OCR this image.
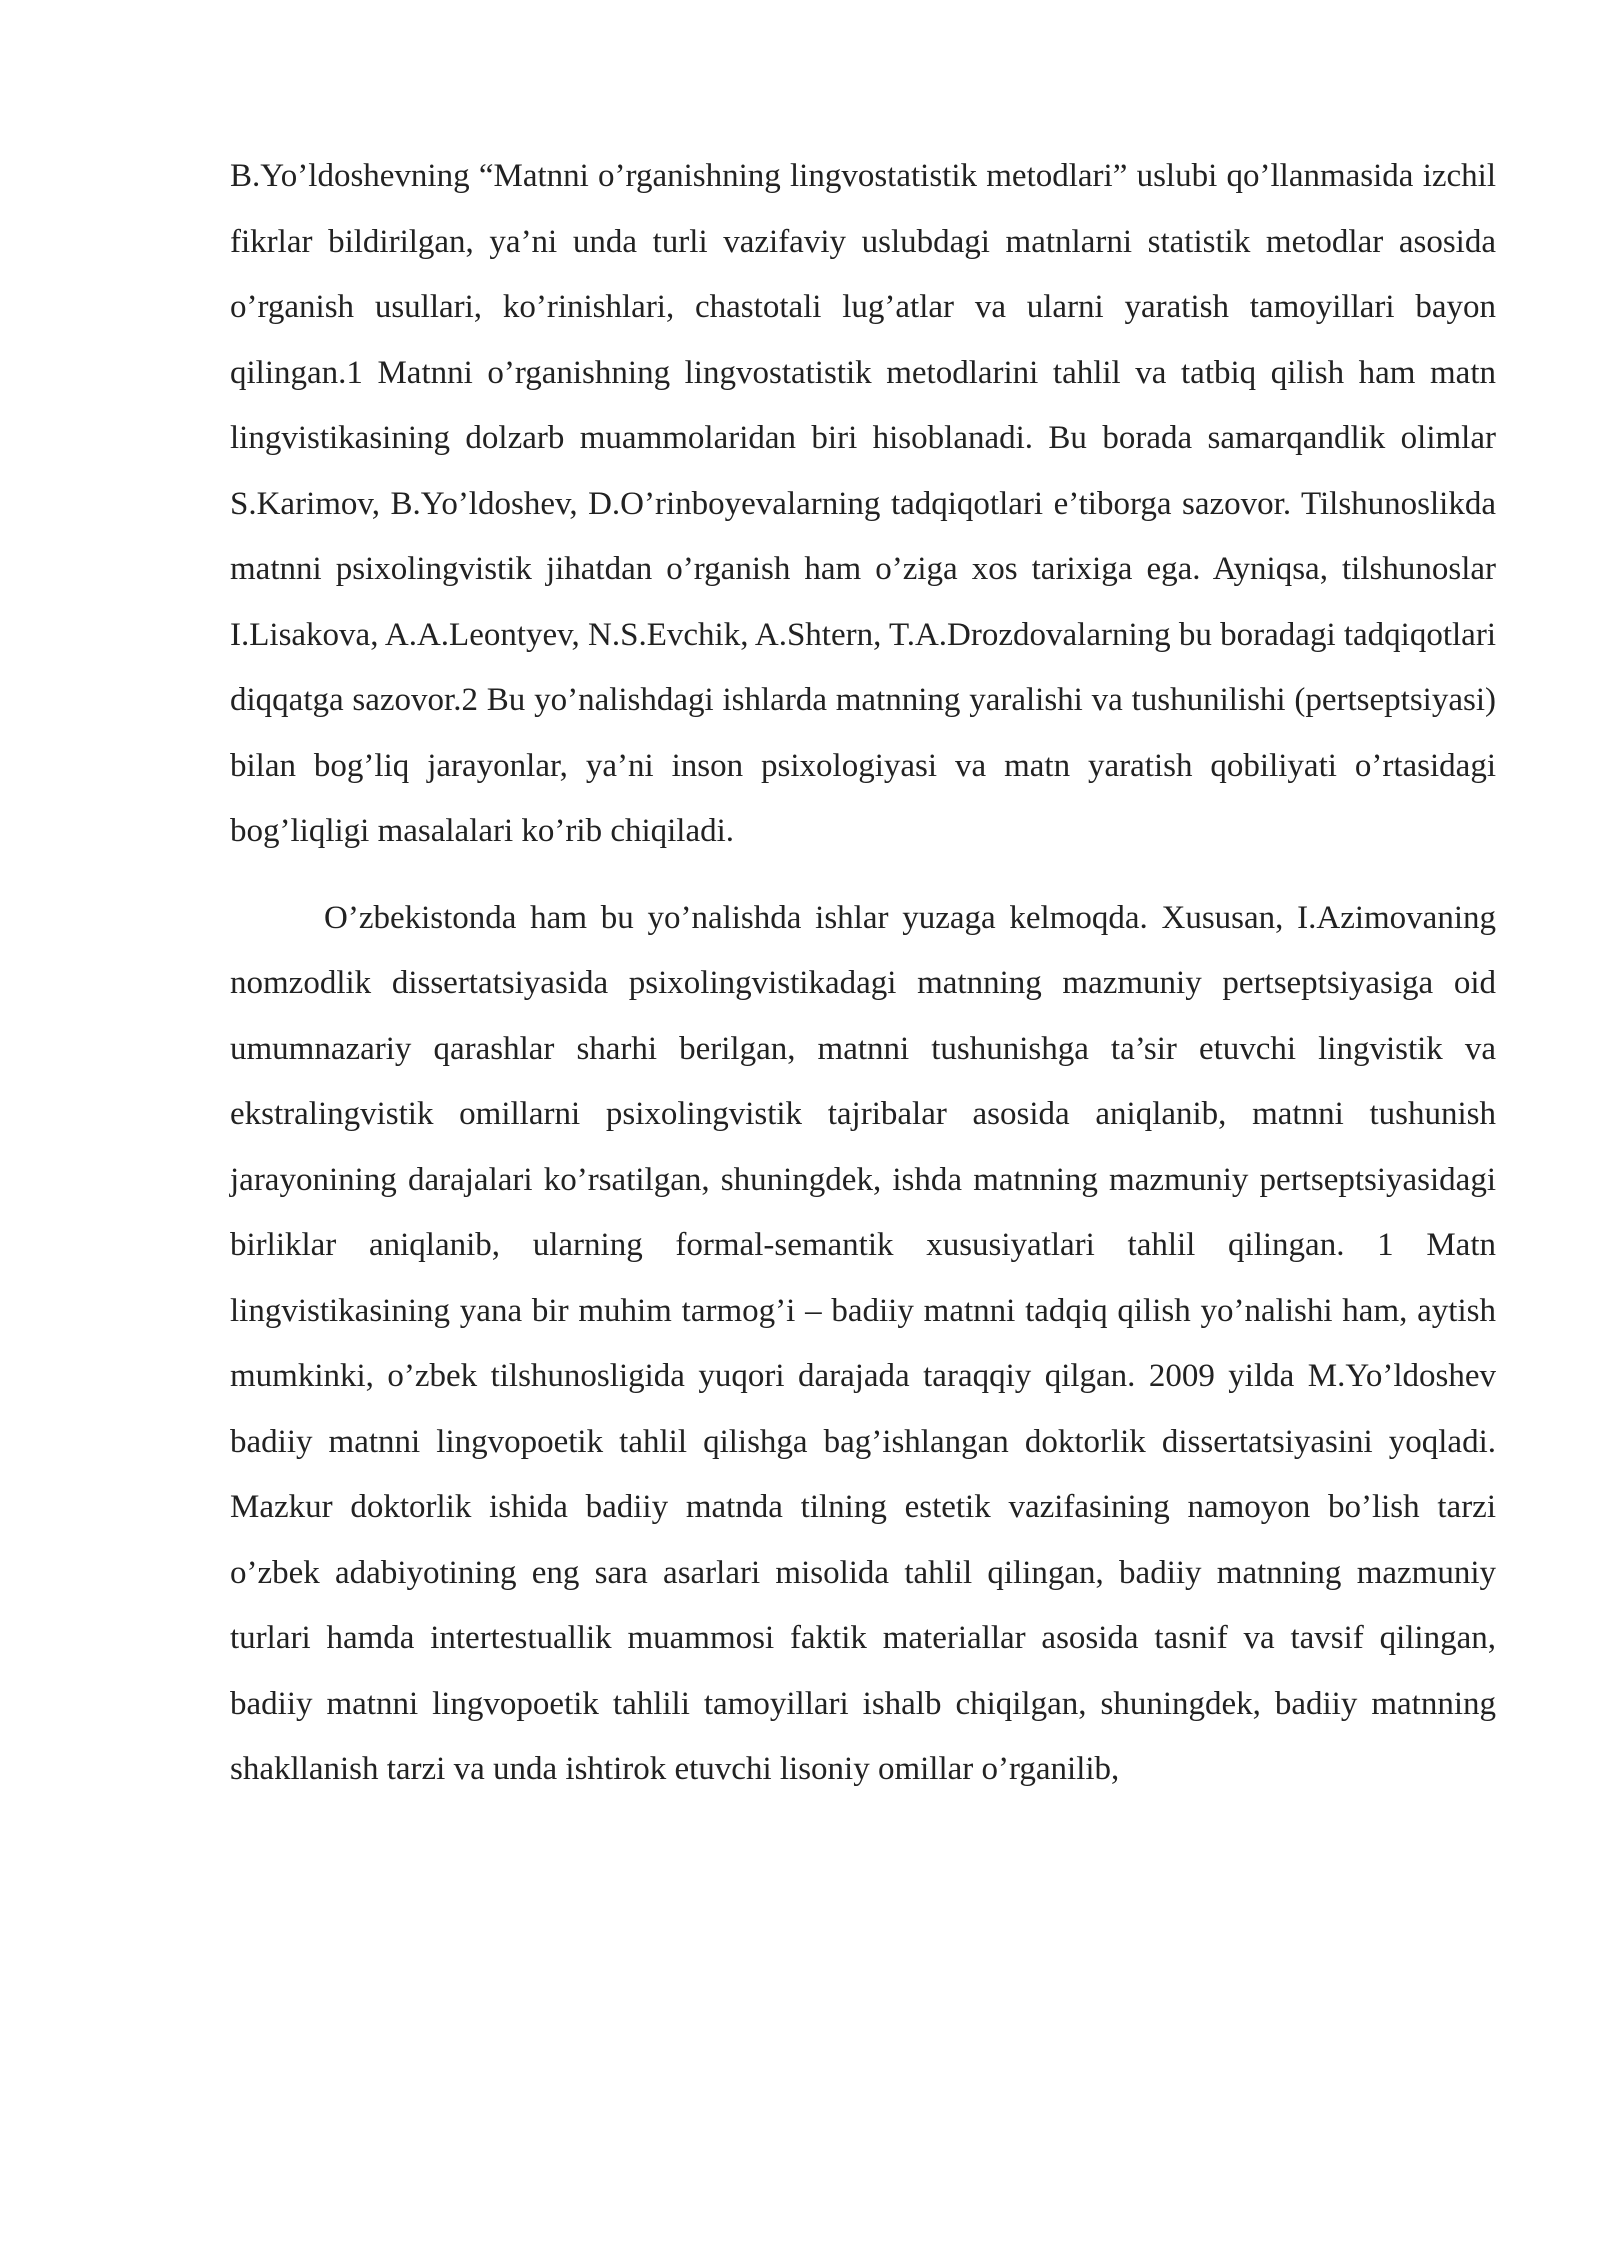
B.Yo’ldoshevning “Matnni o’rganishning lingvostatistik metodlari” uslubi qo’llanmasida izchil fikrlar bildirilgan, ya’ni unda turli vazifaviy uslubdagi matnlarni statistik metodlar asosida o’rganish usullari, ko’rinishlari, chastotali lug’atlar va ularni yaratish tamoyillari bayon qilingan.1 Matnni o’rganishning lingvostatistik metodlarini tahlil va tatbiq qilish ham matn lingvistikasining dolzarb muammolaridan biri hisoblanadi. Bu borada samarqandlik olimlar S.Karimov, B.Yo’ldoshev, D.O’rinboyevalarning tadqiqotlari e’tiborga sazovor. Tilshunoslikda matnni psixolingvistik jihatdan o’rganish ham o’ziga xos tarixiga ega. Ayniqsa, tilshunoslar I.Lisakova, A.A.Leontyev, N.S.Evchik, A.Shtern, T.A.Drozdovalarning bu boradagi tadqiqotlari diqqatga sazovor.2 Bu yo’nalishdagi ishlarda matnning yaralishi va tushunilishi (pertseptsiyasi) bilan bog’liq jarayonlar, ya’ni inson psixologiyasi va matn yaratish qobiliyati o’rtasidagi bog’liqligi masalalari ko’rib chiqiladi.

O’zbekistonda ham bu yo’nalishda ishlar yuzaga kelmoqda. Xususan, I.Azimovaning nomzodlik dissertatsiyasida psixolingvistikadagi matnning mazmuniy pertseptsiyasiga oid umumnazariy qarashlar sharhi berilgan, matnni tushunishga ta’sir etuvchi lingvistik va ekstralingvistik omillarni psixolingvistik tajribalar asosida aniqlanib, matnni tushunish jarayonining darajalari ko’rsatilgan, shuningdek, ishda matnning mazmuniy pertseptsiyasidagi birliklar aniqlanib, ularning formal-semantik xususiyatlari tahlil qilingan. 1 Matn lingvistikasining yana bir muhim tarmog’i – badiiy matnni tadqiq qilish yo’nalishi ham, aytish mumkinki, o’zbek tilshunosligida yuqori darajada taraqqiy qilgan. 2009 yilda M.Yo’ldoshev badiiy matnni lingvopoetik tahlil qilishga bag’ishlangan doktorlik dissertatsiyasini yoqladi. Mazkur doktorlik ishida badiiy matnda tilning estetik vazifasining namoyon bo’lish tarzi o’zbek adabiyotining eng sara asarlari misolida tahlil qilingan, badiiy matnning mazmuniy turlari hamda intertestuallik muammosi faktik materiallar asosida tasnif va tavsif qilingan, badiiy matnni lingvopoetik tahlili tamoyillari ishalb chiqilgan, shuningdek, badiiy matnning shakllanish tarzi va unda ishtirok etuvchi lisoniy omillar o’rganilib,
